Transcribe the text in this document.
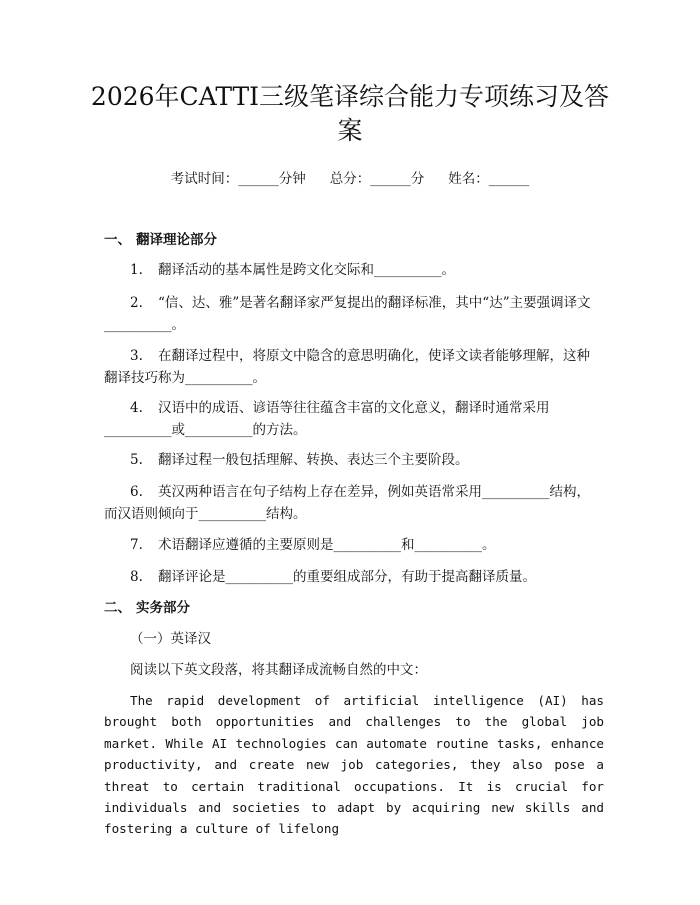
2026年CATTI三级笔译综合能力专项练习及答案
考试时间：______分钟 总分：______分 姓名：______
一、 翻译理论部分
1. 翻译活动的基本属性是跨文化交际和__________。
2. “信、达、雅”是著名翻译家严复提出的翻译标准，其中“达”主要强调译文__________。
3. 在翻译过程中，将原文中隐含的意思明确化，使译文读者能够理解，这种翻译技巧称为__________。
4. 汉语中的成语、谚语等往往蕴含丰富的文化意义，翻译时通常采用__________或__________的方法。
5. 翻译过程一般包括理解、转换、表达三个主要阶段。
6. 英汉两种语言在句子结构上存在差异，例如英语常采用__________结构，而汉语则倾向于__________结构。
7. 术语翻译应遵循的主要原则是__________和__________。
8. 翻译评论是__________的重要组成部分，有助于提高翻译质量。
二、 实务部分
（一）英译汉
阅读以下英文段落，将其翻译成流畅自然的中文：
The rapid development of artificial intelligence (AI) has brought both opportunities and challenges to the global job market. While AI technologies can automate routine tasks, enhance productivity, and create new job categories, they also pose a threat to certain traditional occupations. It is crucial for individuals and societies to adapt by acquiring new skills and fostering a culture of lifelong
